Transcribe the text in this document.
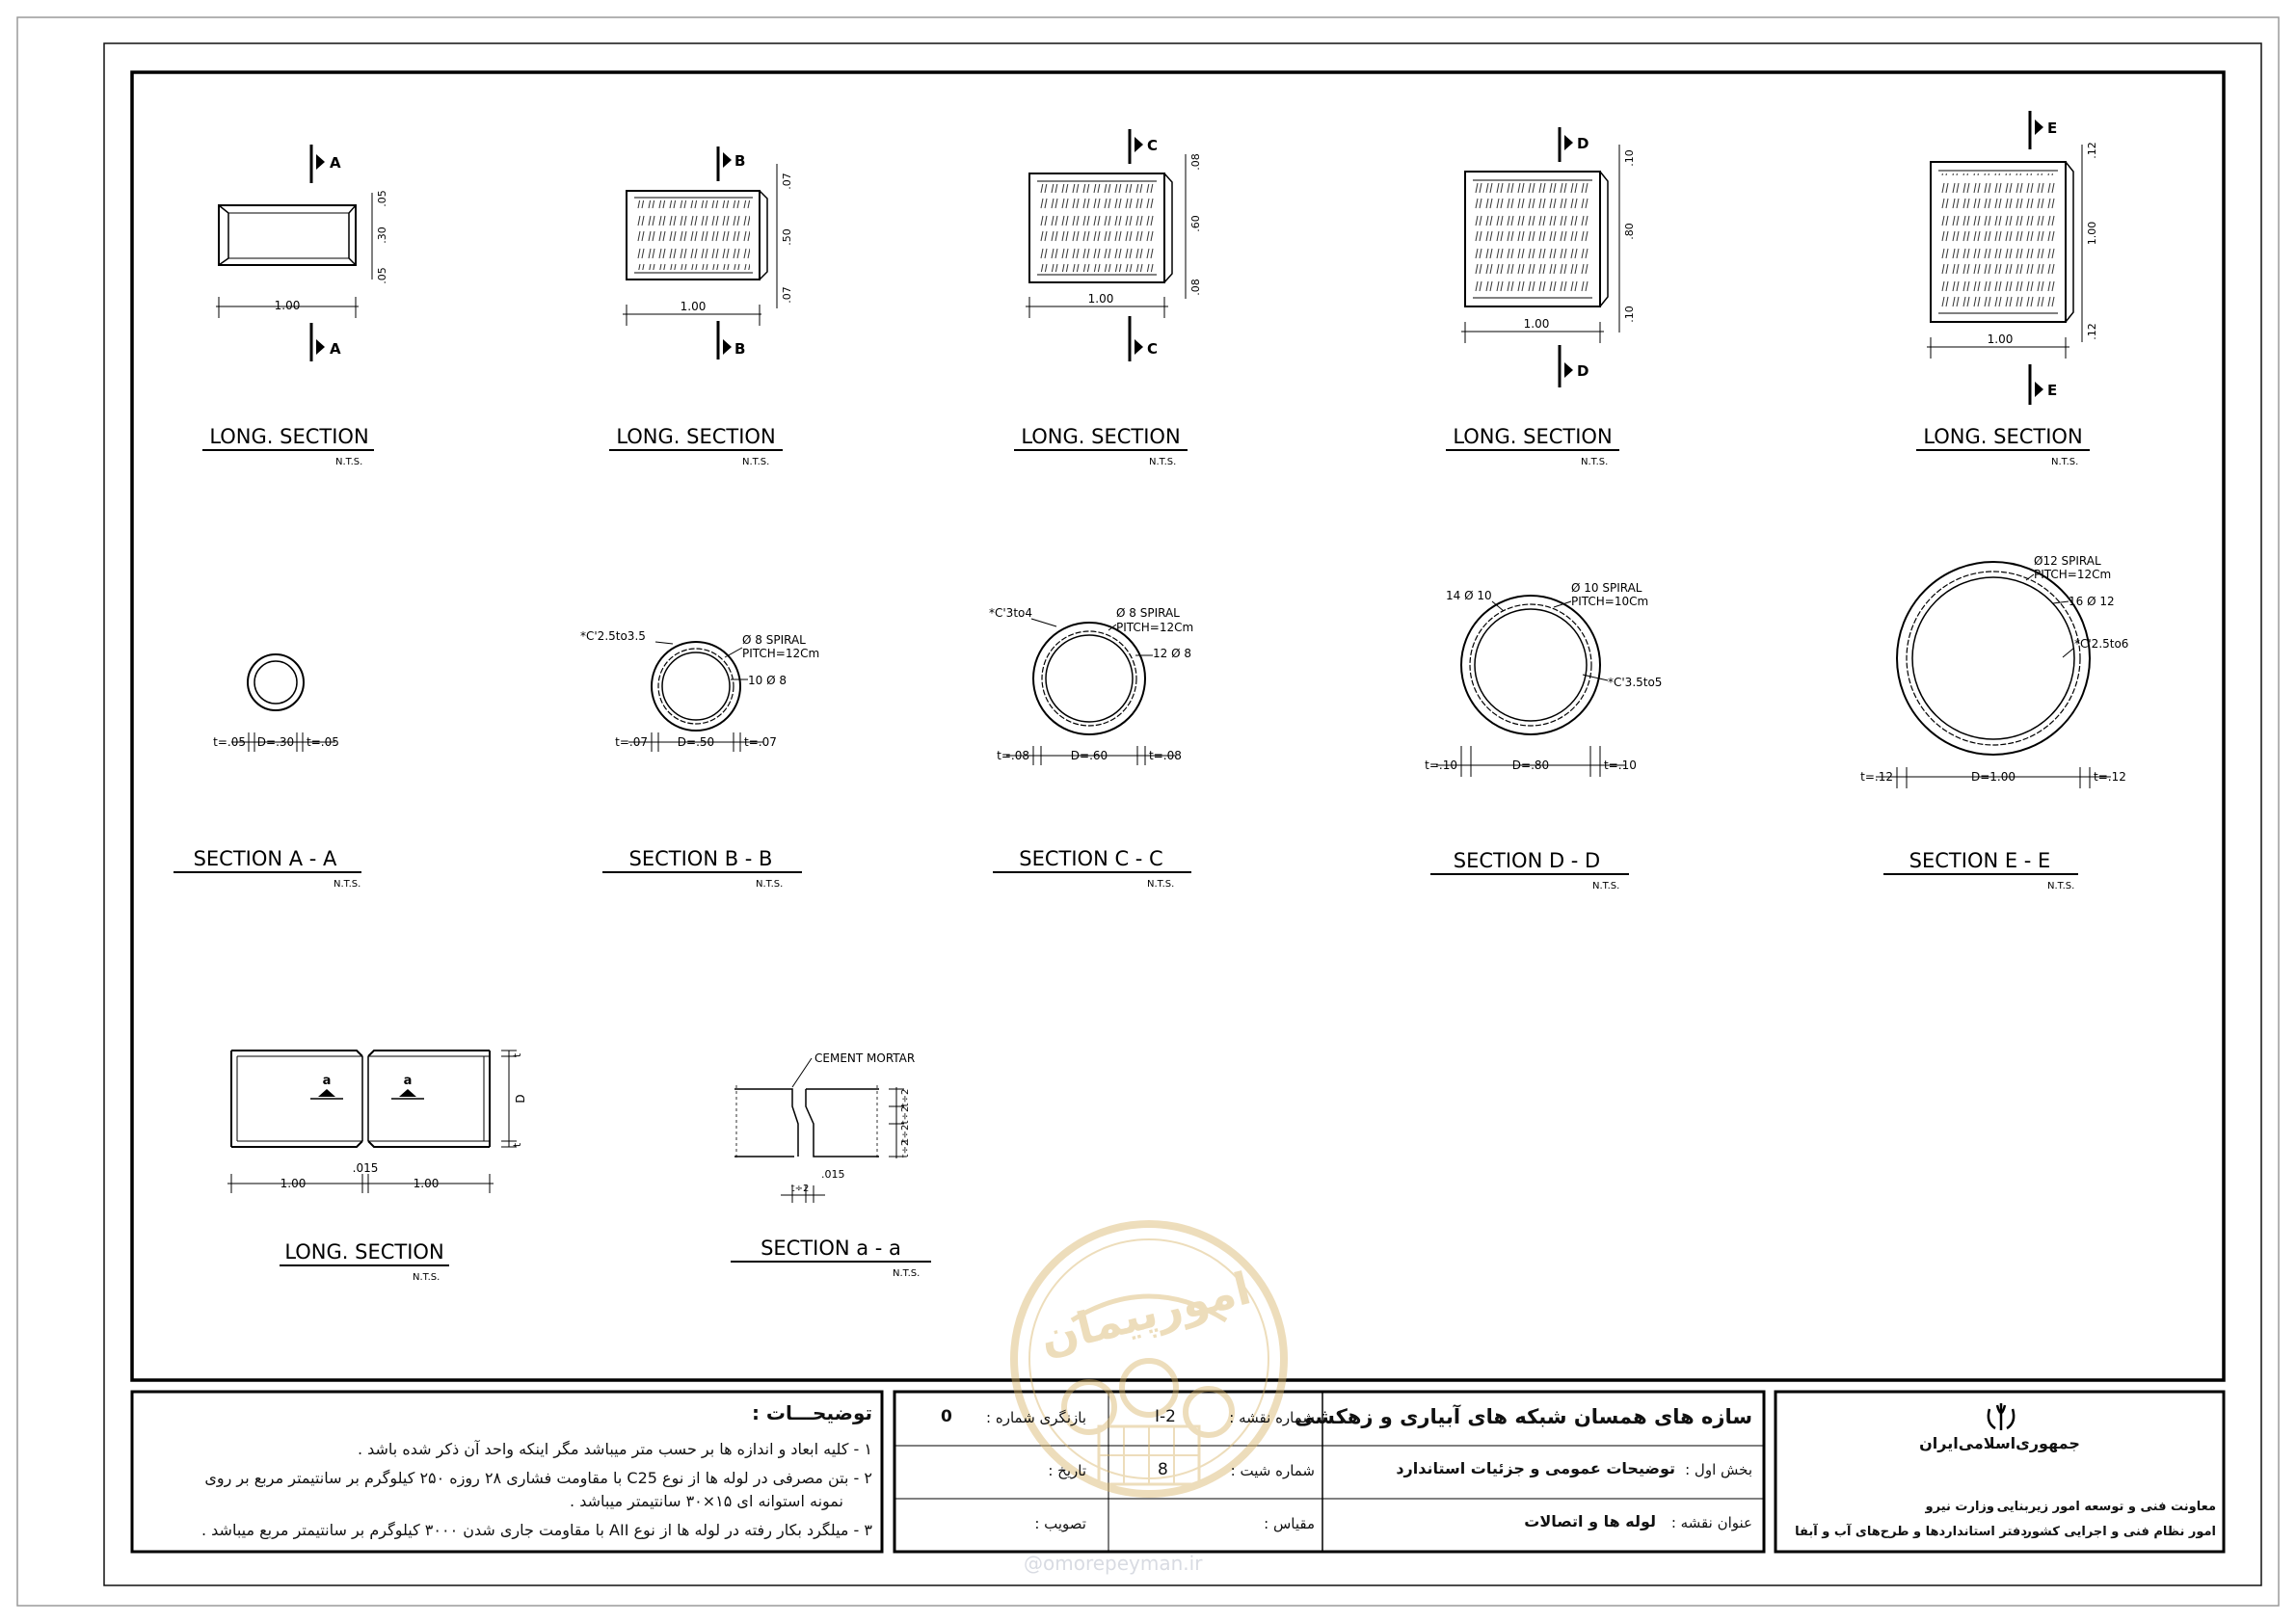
A
A
1.00
.05
.30
.05
LONG. SECTION
N.T.S.
B
B
1.00
.07
.50
.07
LONG. SECTION
N.T.S.
C
C
1.00
.08
.60
.08
LONG. SECTION
N.T.S.
D
D
1.00
.10
.80
.10
LONG. SECTION
N.T.S.
E
E
1.00
.12
1.00
.12
LONG. SECTION
N.T.S.
t=.05 D=.30 t=.05
SECTION A - A
N.T.S.
*C'2.5to3.5	Ø 8 SPIRAL
PITCH=12Cm
10 Ø 8
t=.07	D=.50	t=.07
SECTION B - B
N.T.S.
*C'3to4	Ø 8 SPIRAL
PITCH=12Cm
12 Ø 8
t=.08	D=.60	t=.08
SECTION C - C
N.T.S.
14 Ø 10
Ø 10 SPIRAL
PITCH=10Cm
*C'3.5to5
t=.10	D=.80	t=.10
SECTION D - D
N.T.S.
Ø12 SPIRAL
PITCH=12Cm
16 Ø 12
*C'2.5to6
t=.12	D=1.00	t=.12
SECTION E - E
N.T.S.
a	a
t
D
t
1.00
.015
1.00
LONG. SECTION
N.T.S.
CEMENT MORTAR
t÷2
t÷2
t÷2
t÷2
t÷2
.015
SECTION a - a
N.T.S.	امورپیمان
توضیحـــات :
۱ - کلیه ابعاد و اندازه ها بر حسب متر میباشد مگر اینکه واحد آن ذکر شده باشد .
۲ - بتن مصرفی در لوله ها از نوع C25 با مقاومت فشاری ۲۸ روزه ۲۵۰ کیلوگرم بر سانتیمتر مربع بر روی
نمونه استوانه ای ۱۵×۳۰ سانتیمتر میباشد .
۳ - میلگرد بکار رفته در لوله ها از نوع AII با مقاومت جاری شدن ۳۰۰۰ کیلوگرم بر سانتیمتر مربع میباشد .
شماره نقشه :
I-2
بازنگری شماره :
0
شماره شیت :
8
تاریخ :
مقیاس :
تصویب :
سازه های همسان شبکه های آبیاری و زهکشی
بخش اول :
توضیحات عمومی و جزئیات استاندارد
عنوان نقشه :
لوله ها و اتصالات
جمهوری‌اسلامی‌ایران
معاونت فنی و توسعه امور زیربنایی
وزارت نیرو
امور نظام فنی و اجرایی کشور
دفتر استانداردها و طرح‌های آب و آبفا
@omorepeyman.ir
